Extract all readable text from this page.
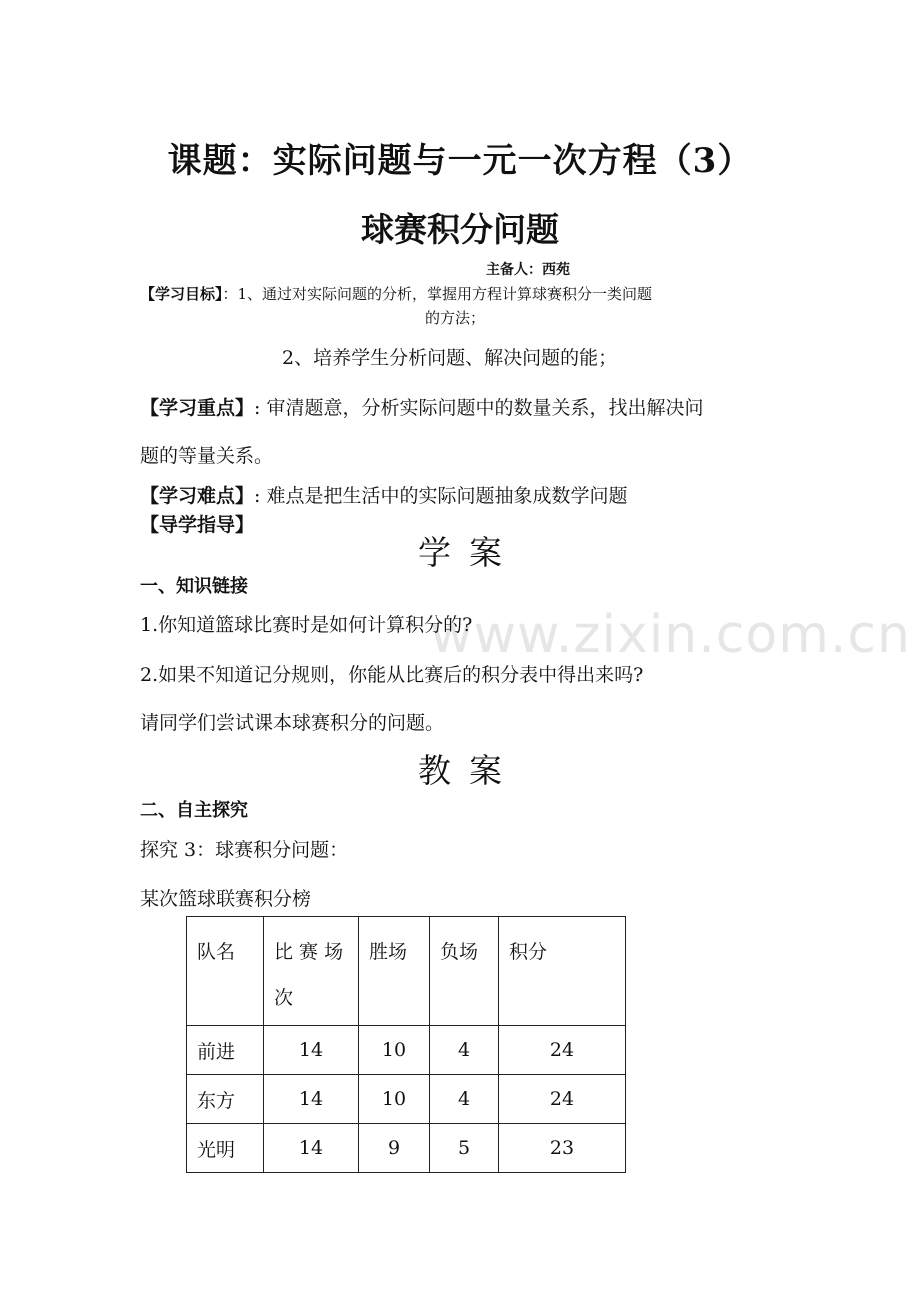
www.zixin.com.cn
课题：实际问题与一元一次方程（3）
球赛积分问题
主备人：西苑
【学习目标】：1、通过对实际问题的分析，掌握用方程计算球赛积分一类问题
的方法；
2、培养学生分析问题、解决问题的能；
【学习重点】: 审清题意，分析实际问题中的数量关系，找出解决问
题的等量关系。
【学习难点】: 难点是把生活中的实际问题抽象成数学问题
【导学指导】
学案
一、知识链接
1.你知道篮球比赛时是如何计算积分的?
2.如果不知道记分规则，你能从比赛后的积分表中得出来吗?
请同学们尝试课本球赛积分的问题。
教案
二、自主探究
探究 3：球赛积分问题：
某次篮球联赛积分榜
队名	比 赛 场 次	胜场	负场	积分
前进	14	10	4	24
东方	14	10	4	24
光明	14	9	5	23
